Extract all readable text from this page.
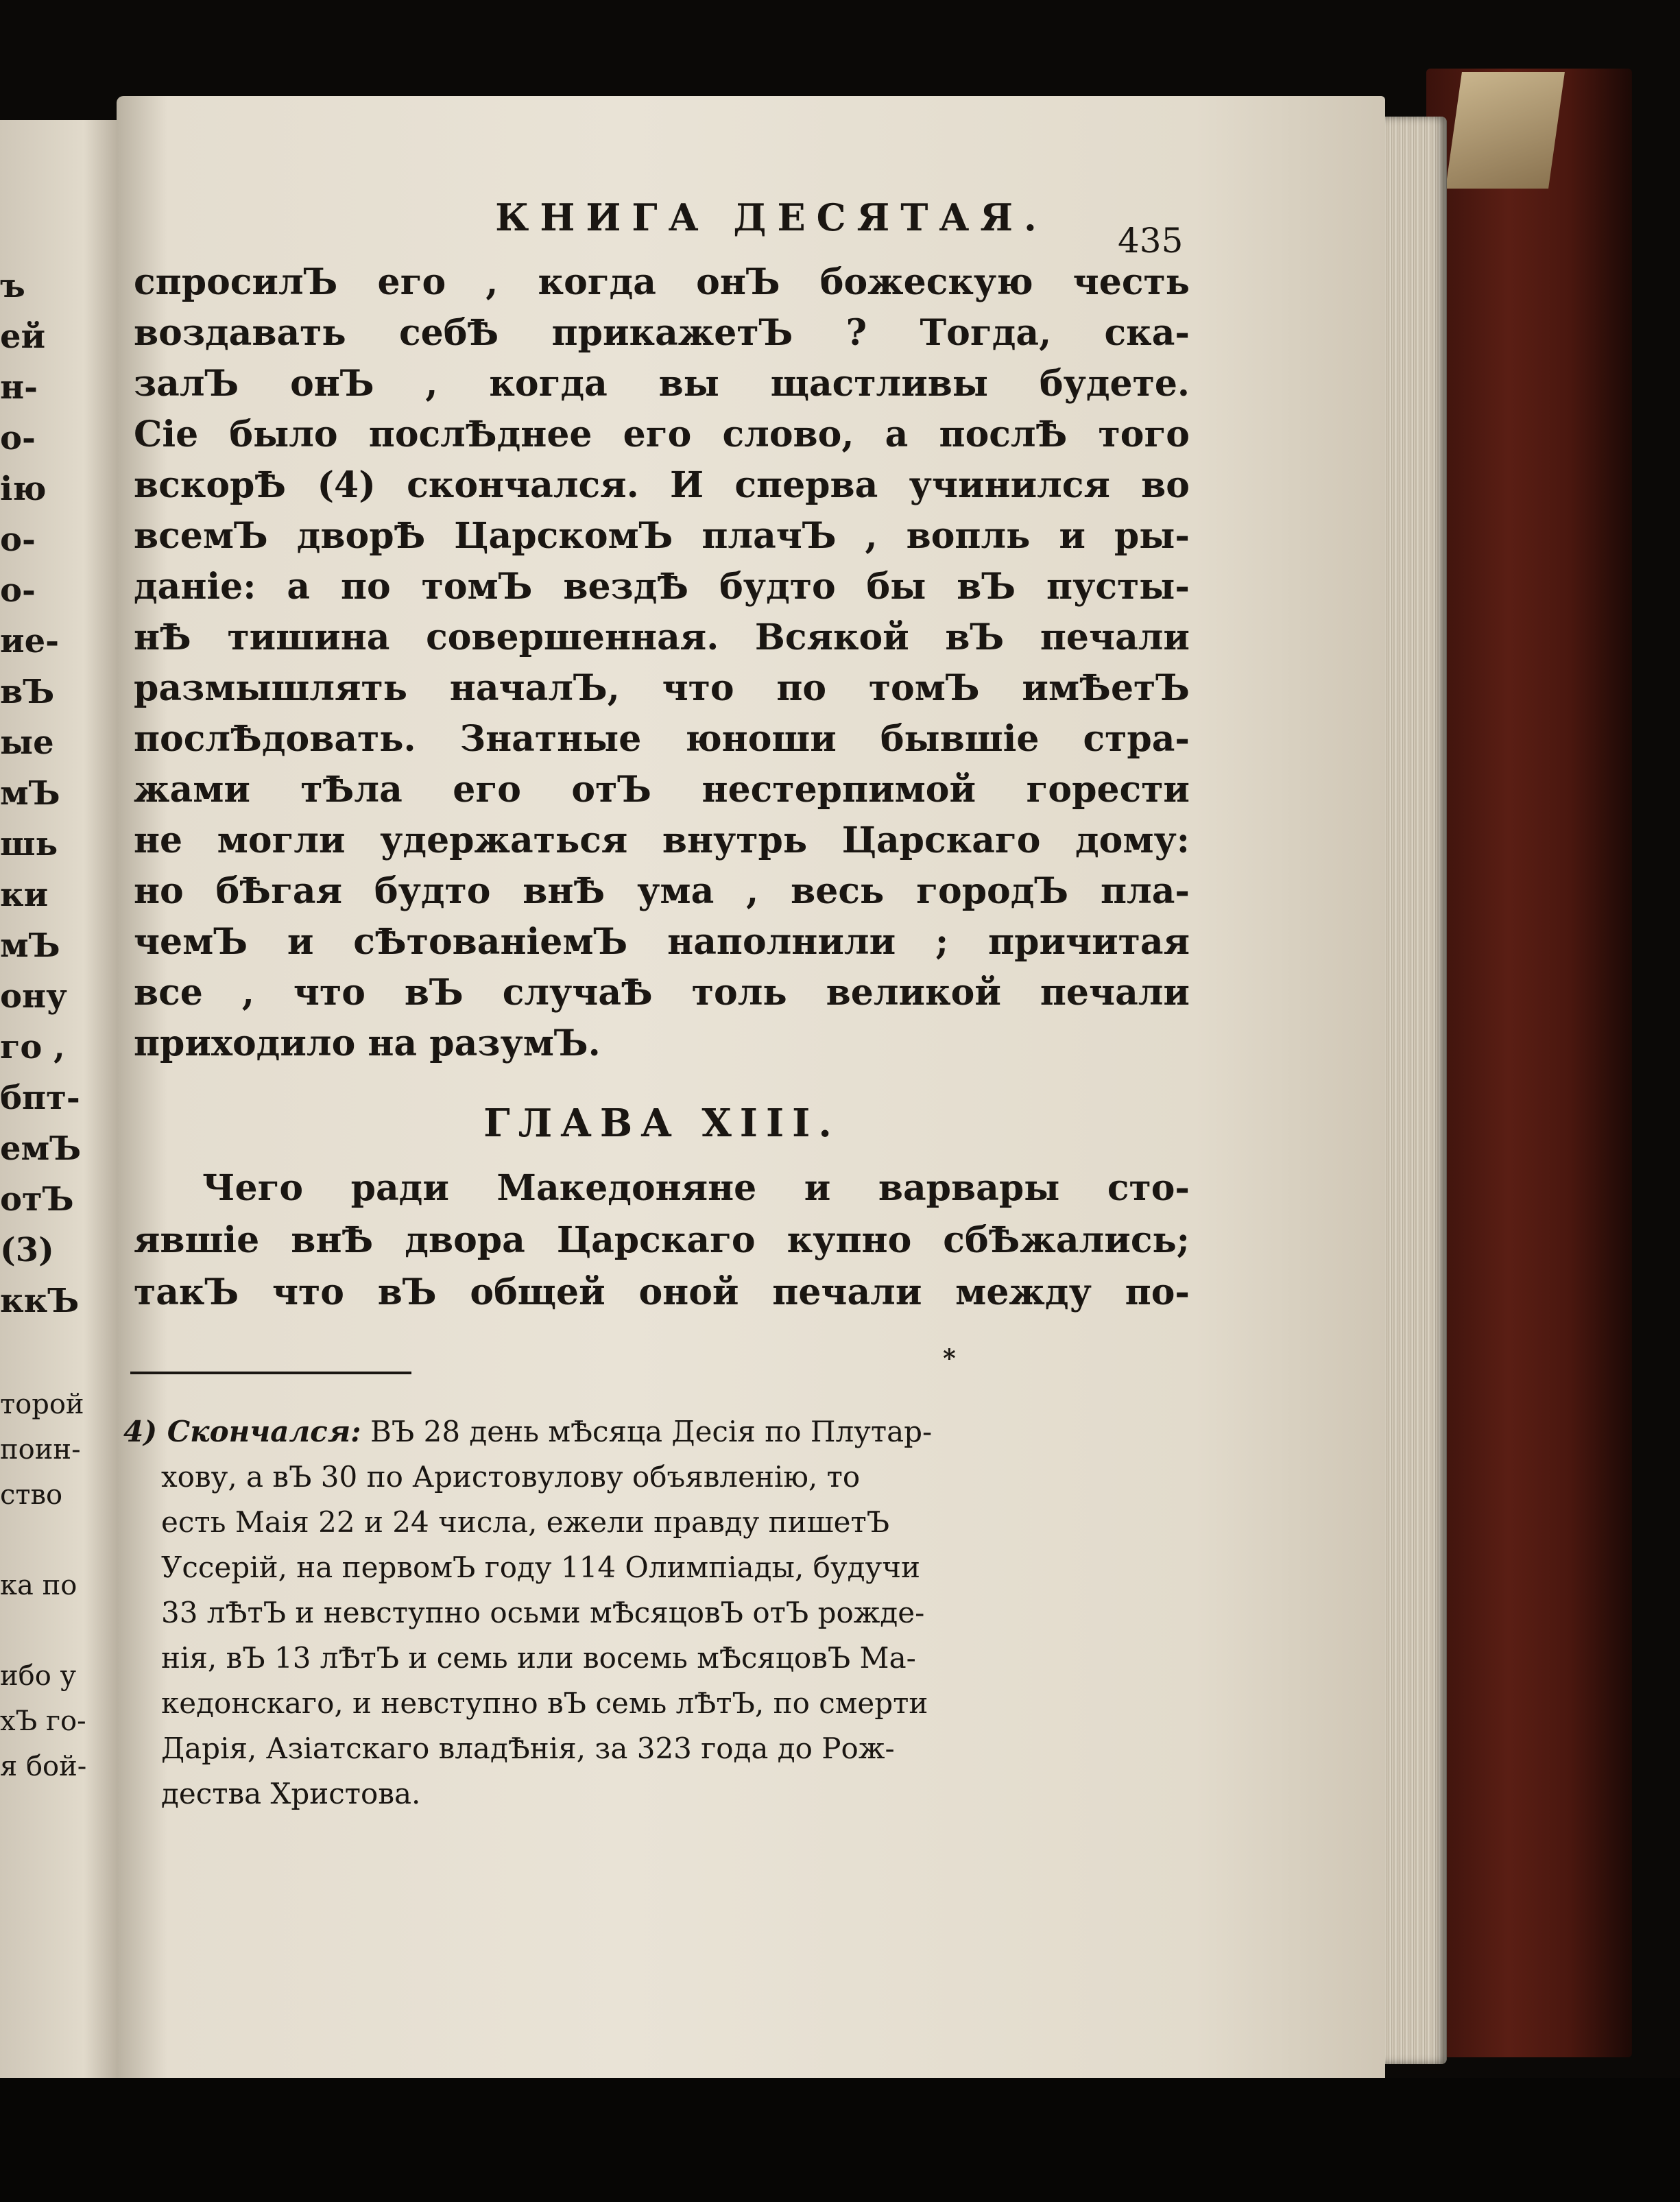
ъ
ей
н-
о-
ію
о-
о-
ие-
вЪ
ые
мЪ
шь
ки
мЪ
ону
го ,
бпт-
емЪ
отЪ
(3)
ккЪ
торой
поин-
ство
ка по
ибо у
хЪ го-
я бой-
КНИГА ДЕСЯТАЯ.
435
спросилЪ его , когда онЪ божескую честь
воздавать себѢ прикажетЪ ? Тогда, ска-
залЪ онЪ , когда вы щастливы будете.
Сie было послѢднее его слово, а послѢ того
вскорѢ (4) скончался. И сперва учинился во
всемЪ дворѢ ЦарскомЪ плачЪ , вопль и ры-
данie: а по томЪ вездѢ будто бы вЪ пусты-
нѢ тишина совершенная. Всякой вЪ печали
размышлять началЪ, что по томЪ имѢетЪ
послѢдовать. Знатные юноши бывшie стра-
жами тѢла его отЪ нестерпимой горести
не могли удержаться внутрь Царскаго дому:
но бѢгая будто внѢ ума , весь городЪ пла-
чемЪ и сѢтованieмЪ наполнили ; причитая
все , что вЪ случаѢ толь великой печали
приходило на разумЪ.
ГЛАВА XIII.
Чего ради Македоняне и варвары сто-
явшie внѢ двора Царскаго купно сбѢжались;
такЪ что вЪ общей оной печали между по-
*
4) Скончался: ВЪ 28 день мѢсяца Десiя по Плутар-
хову, а вЪ 30 по Аристовулову объявленiю, то
есть Маiя 22 и 24 числа, ежели правду пишетЪ
Уссерiй, на первомЪ году 114 Олимпiады, будучи
33 лѢтЪ и невступно осьми мѢсяцовЪ отЪ рожде-
нiя, вЪ 13 лѢтЪ и семь или восемь мѢсяцовЪ Ма-
кедонскаго, и невступно вЪ семь лѢтЪ, по смерти
Дарiя, Азiатскаго владѢнiя, за 323 года до Рож-
дества Христова.
